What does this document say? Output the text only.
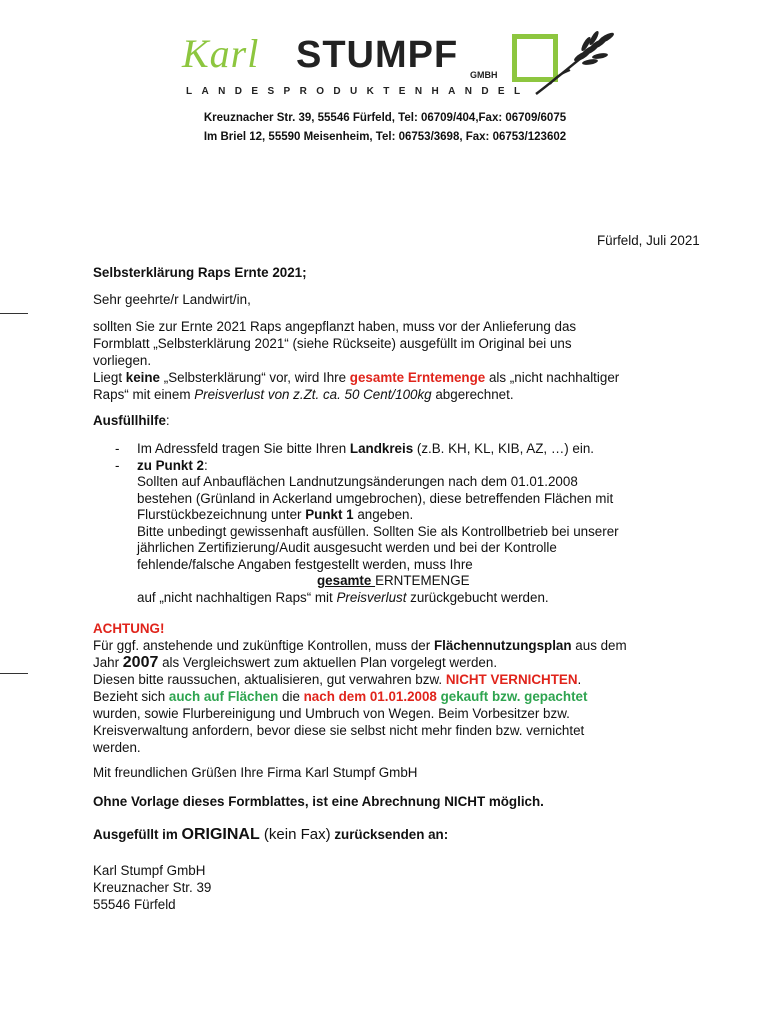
Karl STUMPF GMBH
LANDESPRODUKTENHANDEL
Kreuznacher Str. 39, 55546 Fürfeld, Tel: 06709/404,Fax: 06709/6075
Im Briel 12, 55590 Meisenheim, Tel: 06753/3698, Fax: 06753/123602
Fürfeld, Juli 2021
Selbsterklärung Raps Ernte 2021;
Sehr geehrte/r Landwirt/in,
sollten Sie zur Ernte 2021 Raps angepflanzt haben, muss vor der Anlieferung das
Formblatt „Selbsterklärung 2021“ (siehe Rückseite) ausgefüllt im Original bei uns
vorliegen.
Liegt keine „Selbsterklärung“ vor, wird Ihre gesamte Erntemenge als „nicht nachhaltiger
Raps“ mit einem Preisverlust von z.Zt. ca. 50 Cent/100kg abgerechnet.
Ausfüllhilfe:
- Im Adressfeld tragen Sie bitte Ihren Landkreis (z.B. KH, KL, KIB, AZ, …) ein.
- zu Punkt 2:
Sollten auf Anbauflächen Landnutzungsänderungen nach dem 01.01.2008
bestehen (Grünland in Ackerland umgebrochen), diese betreffenden Flächen mit
Flurstückbezeichnung unter Punkt 1 angeben.
Bitte unbedingt gewissenhaft ausfüllen. Sollten Sie als Kontrollbetrieb bei unserer
jährlichen Zertifizierung/Audit ausgesucht werden und bei der Kontrolle
fehlende/falsche Angaben festgestellt werden, muss Ihre
gesamte ERNTEMENGE
auf „nicht nachhaltigen Raps“ mit Preisverlust zurückgebucht werden.
ACHTUNG!
Für ggf. anstehende und zukünftige Kontrollen, muss der Flächennutzungsplan aus dem
Jahr 2007 als Vergleichswert zum aktuellen Plan vorgelegt werden.
Diesen bitte raussuchen, aktualisieren, gut verwahren bzw. NICHT VERNICHTEN.
Bezieht sich auch auf Flächen die nach dem 01.01.2008 gekauft bzw. gepachtet
wurden, sowie Flurbereinigung und Umbruch von Wegen. Beim Vorbesitzer bzw.
Kreisverwaltung anfordern, bevor diese sie selbst nicht mehr finden bzw. vernichtet
werden.
Mit freundlichen Grüßen Ihre Firma Karl Stumpf GmbH
Ohne Vorlage dieses Formblattes, ist eine Abrechnung NICHT möglich.
Ausgefüllt im ORIGINAL (kein Fax) zurücksenden an:
Karl Stumpf GmbH
Kreuznacher Str. 39
55546 Fürfeld
